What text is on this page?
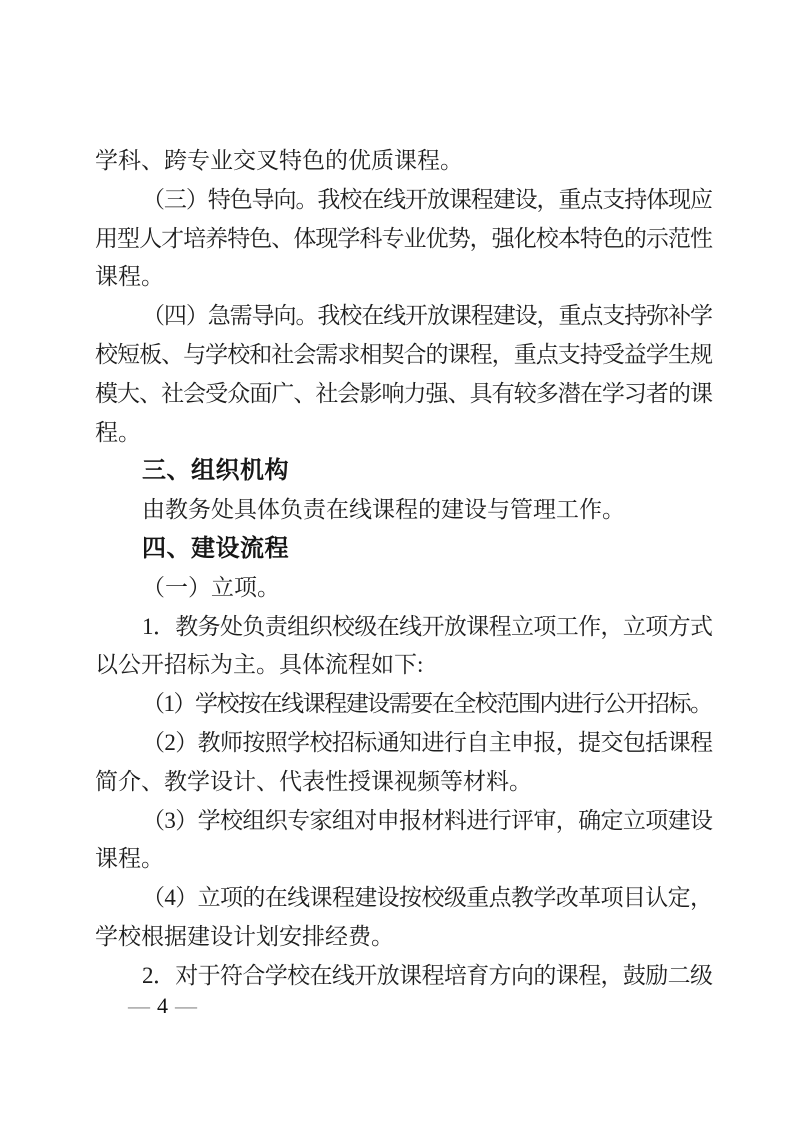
学科、跨专业交叉特色的优质课程。
（三）特色导向。我校在线开放课程建设，重点支持体现应
用型人才培养特色、体现学科专业优势，强化校本特色的示范性
课程。
（四）急需导向。我校在线开放课程建设，重点支持弥补学
校短板、与学校和社会需求相契合的课程，重点支持受益学生规
模大、社会受众面广、社会影响力强、具有较多潜在学习者的课
程。
三、组织机构
由教务处具体负责在线课程的建设与管理工作。
四、建设流程
（一）立项。
1．教务处负责组织校级在线开放课程立项工作，立项方式
以公开招标为主。具体流程如下:
（1）学校按在线课程建设需要在全校范围内进行公开招标。
（2）教师按照学校招标通知进行自主申报，提交包括课程
简介、教学设计、代表性授课视频等材料。
（3）学校组织专家组对申报材料进行评审，确定立项建设
课程。
（4）立项的在线课程建设按校级重点教学改革项目认定，
学校根据建设计划安排经费。
2．对于符合学校在线开放课程培育方向的课程，鼓励二级
— 4 —
